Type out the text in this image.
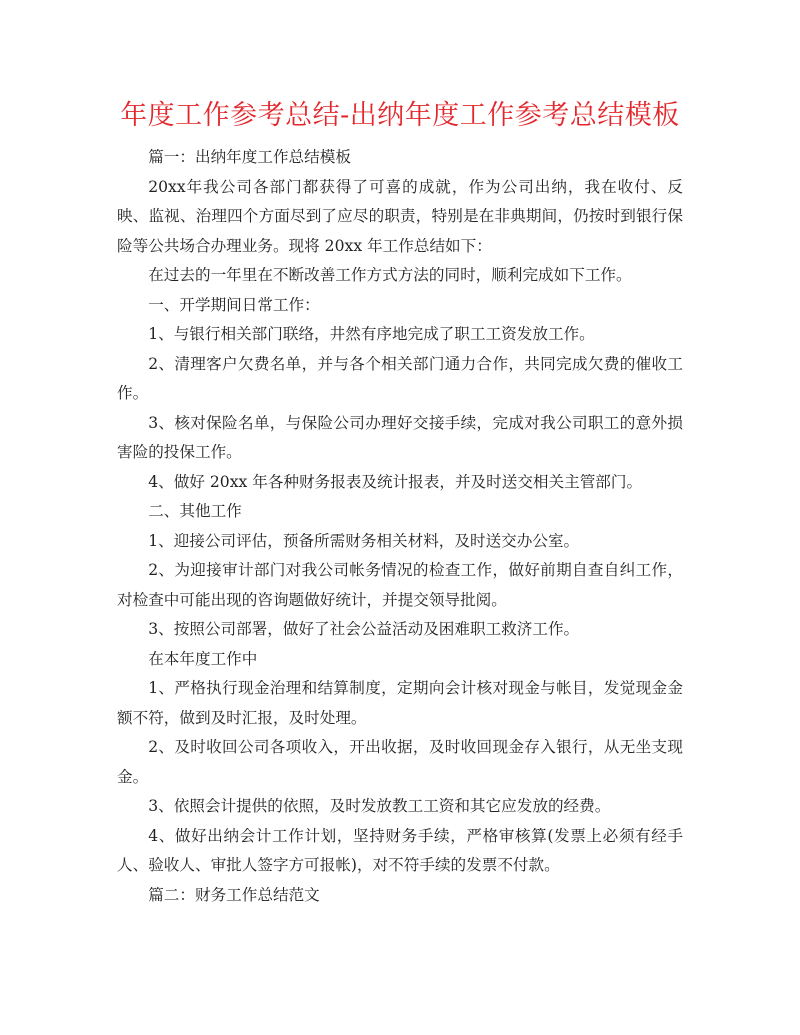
年度工作参考总结-出纳年度工作参考总结模板

篇一：出纳年度工作总结模板

20xx年我公司各部门都获得了可喜的成就，作为公司出纳，我在收付、反映、监视、治理四个方面尽到了应尽的职责，特别是在非典期间，仍按时到银行保险等公共场合办理业务。现将 20xx 年工作总结如下：

在过去的一年里在不断改善工作方式方法的同时，顺利完成如下工作。

一、开学期间日常工作：

1、与银行相关部门联络，井然有序地完成了职工工资发放工作。

2、清理客户欠费名单，并与各个相关部门通力合作，共同完成欠费的催收工作。

3、核对保险名单，与保险公司办理好交接手续，完成对我公司职工的意外损害险的投保工作。

4、做好 20xx 年各种财务报表及统计报表，并及时送交相关主管部门。

二、其他工作

1、迎接公司评估，预备所需财务相关材料，及时送交办公室。

2、为迎接审计部门对我公司帐务情况的检查工作，做好前期自查自纠工作，对检查中可能出现的咨询题做好统计，并提交领导批阅。

3、按照公司部署，做好了社会公益活动及困难职工救济工作。

在本年度工作中

1、严格执行现金治理和结算制度，定期向会计核对现金与帐目，发觉现金金额不符，做到及时汇报，及时处理。

2、及时收回公司各项收入，开出收据，及时收回现金存入银行，从无坐支现金。

3、依照会计提供的依照，及时发放教工工资和其它应发放的经费。

4、做好出纳会计工作计划，坚持财务手续，严格审核算(发票上必须有经手人、验收人、审批人签字方可报帐)，对不符手续的发票不付款。

篇二：财务工作总结范文
